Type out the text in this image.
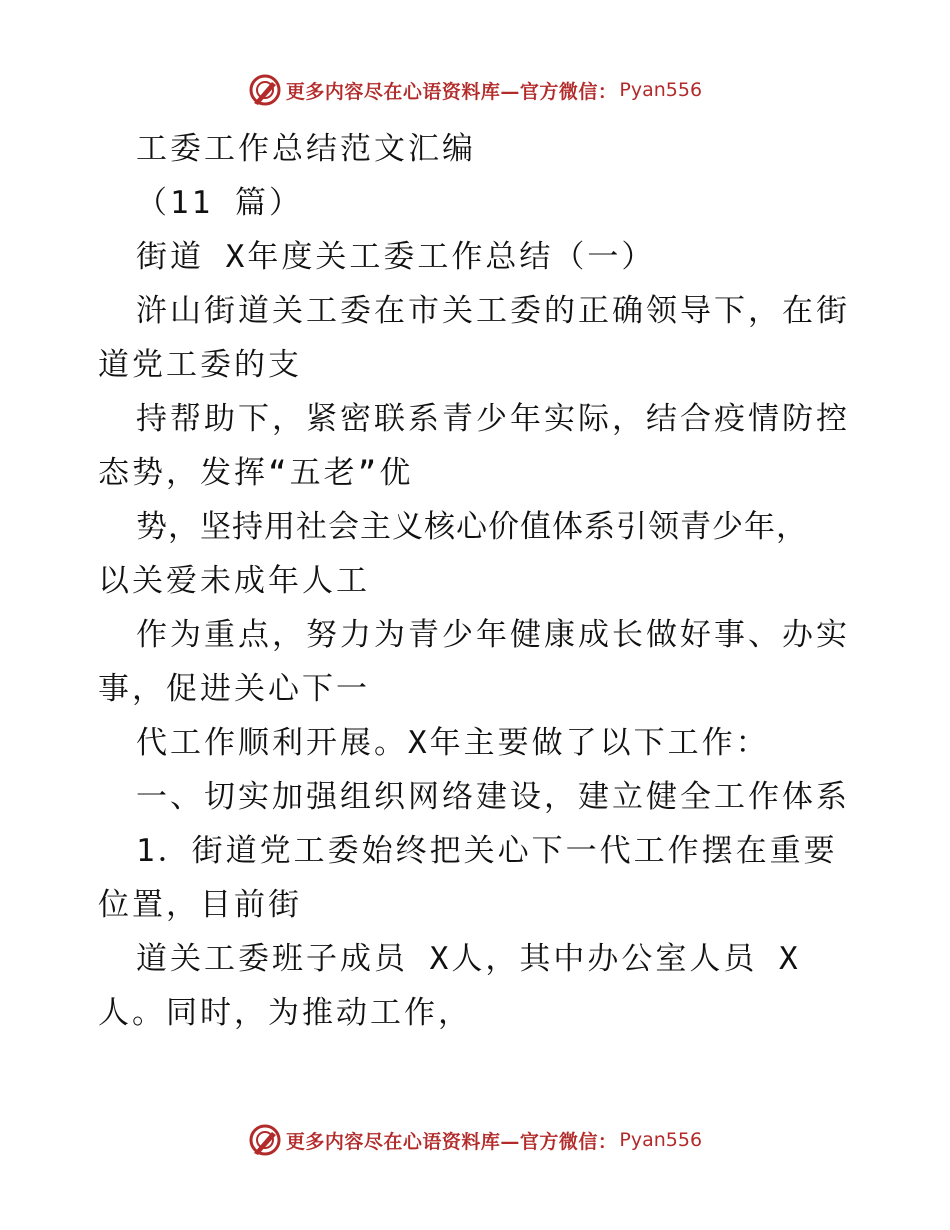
更多内容尽在心语资料库—官方微信： Pyan556
工委工作总结范文汇编
（11 篇）
街道 X年度关工委工作总结（一）
浒山街道关工委在市关工委的正确领导下，在街
道党工委的支
持帮助下，紧密联系青少年实际，结合疫情防控
态势，发挥“五老”优
势，坚持用社会主义核心价值体系引领青少年，
以关爱未成年人工
作为重点，努力为青少年健康成长做好事、办实
事，促进关心下一
代工作顺利开展。X年主要做了以下工作：
一、切实加强组织网络建设，建立健全工作体系
1．街道党工委始终把关心下一代工作摆在重要
位置，目前街
道关工委班子成员 X人，其中办公室人员 X
人。同时，为推动工作，
更多内容尽在心语资料库—官方微信： Pyan556
